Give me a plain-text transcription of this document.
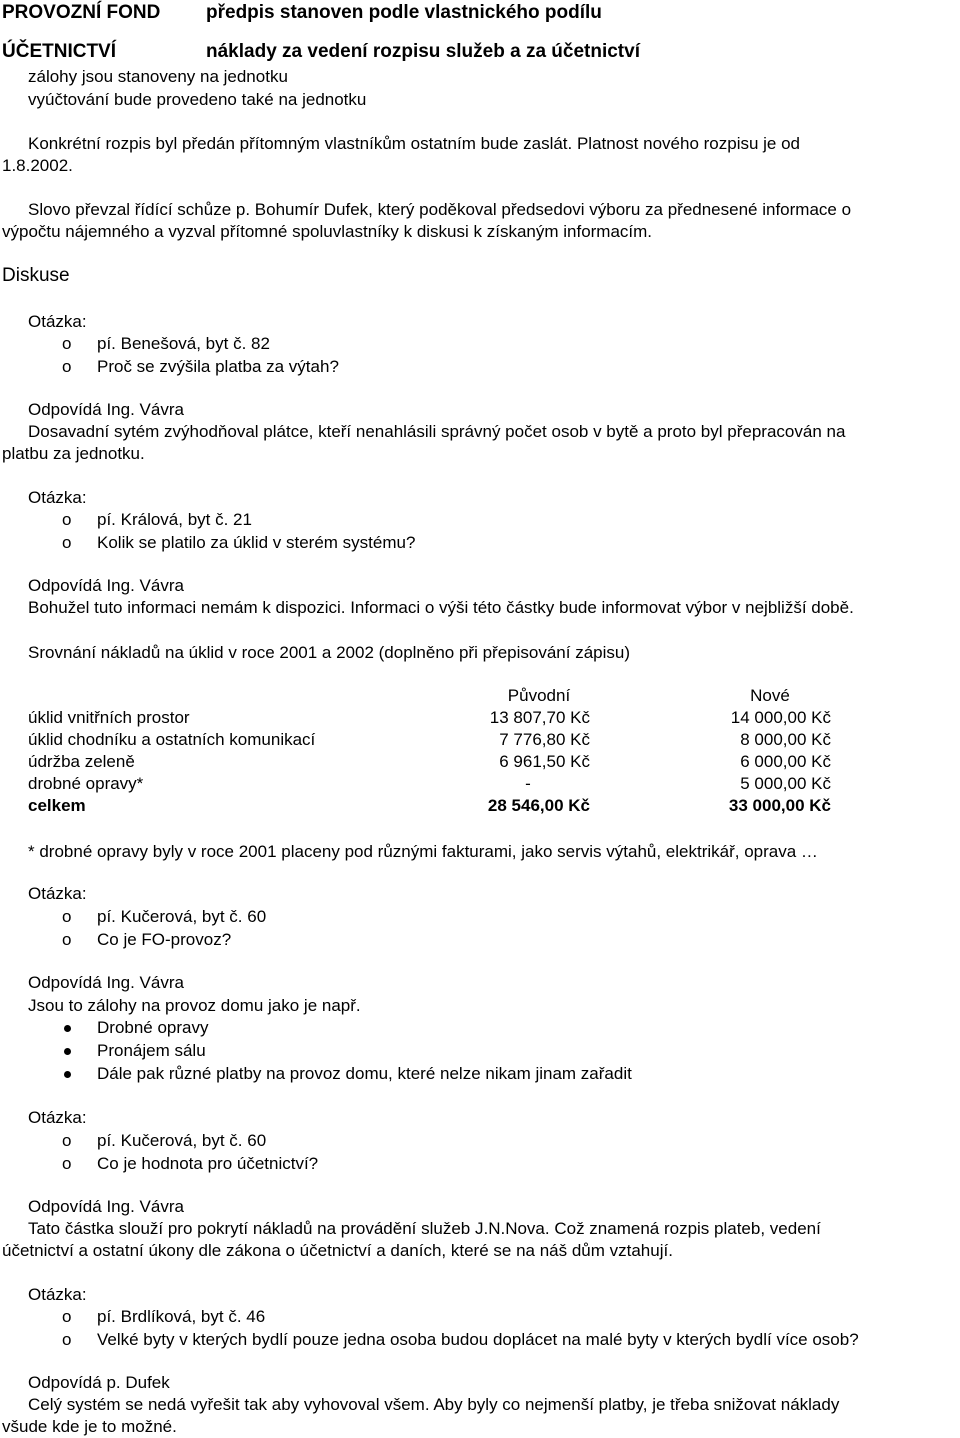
PROVOZNÍ FOND předpis stanoven podle vlastnického podílu
ÚČETNICTVÍ	náklady za vedení rozpisu služeb a za účetnictví
zálohy jsou stanoveny na jednotku
vyúčtování bude provedeno také na jednotku
Konkrétní rozpis byl předán přítomným vlastníkům ostatním bude zaslát. Platnost nového rozpisu je od
1.8.2002.
Slovo převzal řídící schůze p. Bohumír Dufek, který poděkoval předsedovi výboru za přednesené informace o
výpočtu nájemného a vyzval přítomné spoluvlastníky k diskusi k získaným informacím.
Diskuse
Otázka:
o pí. Benešová, byt č. 82
o Proč se zvýšila platba za výtah?
Odpovídá Ing. Vávra
Dosavadní sytém zvýhodňoval plátce, kteří nenahlásili správný počet osob v bytě a proto byl přepracován na
platbu za jednotku.
Otázka:
o pí. Králová, byt č. 21
o Kolik se platilo za úklid v sterém systému?
Odpovídá Ing. Vávra
Bohužel tuto informaci nemám k dispozici. Informaci o výši této částky bude informovat výbor v nejbližší době.
Srovnání nákladů na úklid v roce 2001 a 2002 (doplněno při přepisování zápisu)
Původní	Nové
úklid vnitřních prostor	13 807,70 Kč	14 000,00 Kč
úklid chodníku a ostatních komunikací	7 776,80 Kč	8 000,00 Kč
údržba zeleně	6 961,50 Kč	6 000,00 Kč
drobné opravy*	-	5 000,00 Kč
celkem	28 546,00 Kč	33 000,00 Kč
* drobné opravy byly v roce 2001 placeny pod různými fakturami, jako servis výtahů, elektrikář, oprava …
Otázka:
o pí. Kučerová, byt č. 60
o Co je FO-provoz?
Odpovídá Ing. Vávra
Jsou to zálohy na provoz domu jako je např.
Drobné opravy
Pronájem sálu
Dále pak různé platby na provoz domu, které nelze nikam jinam zařadit
Otázka:
o pí. Kučerová, byt č. 60
o Co je hodnota pro účetnictví?
Odpovídá Ing. Vávra
Tato částka slouží pro pokrytí nákladů na provádění služeb J.N.Nova. Což znamená rozpis plateb, vedení
účetnictví a ostatní úkony dle zákona o účetnictví a daních, které se na náš dům vztahují.
Otázka:
o pí. Brdlíková, byt č. 46
o Velké byty v kterých bydlí pouze jedna osoba budou doplácet na malé byty v kterých bydlí více osob?
Odpovídá p. Dufek
Celý systém se nedá vyřešit tak aby vyhovoval všem. Aby byly co nejmenší platby, je třeba snižovat náklady
všude kde je to možné.
